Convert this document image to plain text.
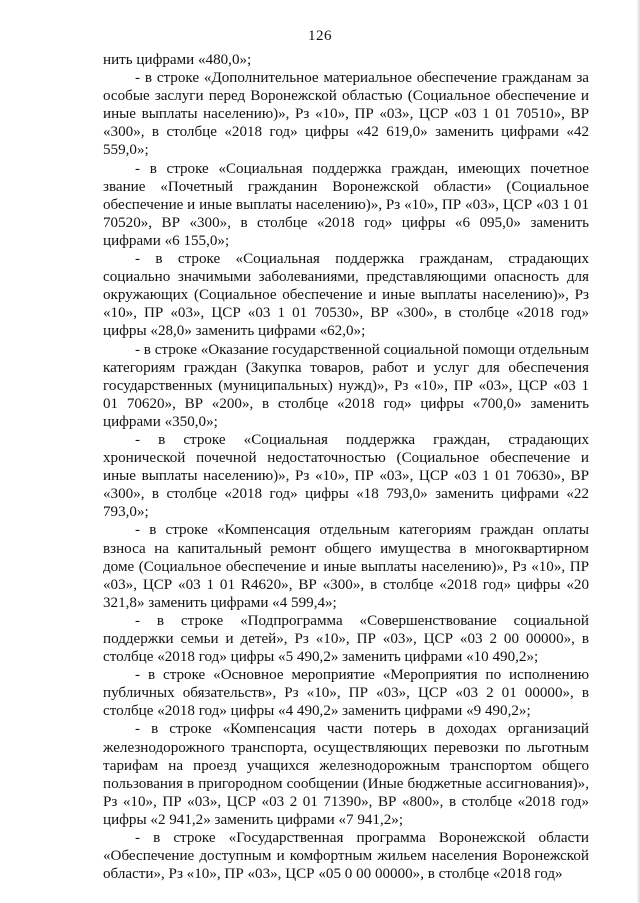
126

нить цифрами «480,0»;

- в строке «Дополнительное материальное обеспечение гражданам за особые заслуги перед Воронежской областью (Социальное обеспечение и иные выплаты населению)», Рз «10», ПР «03», ЦСР «03 1 01 70510», ВР «300», в столбце «2018 год» цифры «42 619,0» заменить цифрами «42 559,0»;

- в строке «Социальная поддержка граждан, имеющих почетное звание «Почетный гражданин Воронежской области» (Социальное обеспечение и иные выплаты населению)», Рз «10», ПР «03», ЦСР «03 1 01 70520», ВР «300», в столбце «2018 год» цифры «6 095,0» заменить цифрами «6 155,0»;

- в строке «Социальная поддержка гражданам, страдающих социально значимыми заболеваниями, представляющими опасность для окружающих (Социальное обеспечение и иные выплаты населению)», Рз «10», ПР «03», ЦСР «03 1 01 70530», ВР «300», в столбце «2018 год» цифры «28,0» заменить цифрами «62,0»;

- в строке «Оказание государственной социальной помощи отдельным категориям граждан (Закупка товаров, работ и услуг для обеспечения государственных (муниципальных) нужд)», Рз «10», ПР «03», ЦСР «03 1 01 70620», ВР «200», в столбце «2018 год» цифры «700,0» заменить цифрами «350,0»;

- в строке «Социальная поддержка граждан, страдающих хронической почечной недостаточностью (Социальное обеспечение и иные выплаты населению)», Рз «10», ПР «03», ЦСР «03 1 01 70630», ВР «300», в столбце «2018 год» цифры «18 793,0» заменить цифрами «22 793,0»;

- в строке «Компенсация отдельным категориям граждан оплаты взноса на капитальный ремонт общего имущества в многоквартирном доме (Социальное обеспечение и иные выплаты населению)», Рз «10», ПР «03», ЦСР «03 1 01 R4620», ВР «300», в столбце «2018 год» цифры «20 321,8» заменить цифрами «4 599,4»;

- в строке «Подпрограмма «Совершенствование социальной поддержки семьи и детей», Рз «10», ПР «03», ЦСР «03 2 00 00000», в столбце «2018 год» цифры «5 490,2» заменить цифрами «10 490,2»;

- в строке «Основное мероприятие «Мероприятия по исполнению публичных обязательств», Рз «10», ПР «03», ЦСР «03 2 01 00000», в столбце «2018 год» цифры «4 490,2» заменить цифрами «9 490,2»;

- в строке «Компенсация части потерь в доходах организаций железнодорожного транспорта, осуществляющих перевозки по льготным тарифам на проезд учащихся железнодорожным транспортом общего пользования в пригородном сообщении (Иные бюджетные ассигнования)», Рз «10», ПР «03», ЦСР «03 2 01 71390», ВР «800», в столбце «2018 год» цифры «2 941,2» заменить цифрами «7 941,2»;

- в строке «Государственная программа Воронежской области «Обеспечение доступным и комфортным жильем населения Воронежской области», Рз «10», ПР «03», ЦСР «05 0 00 00000», в столбце «2018 год»
